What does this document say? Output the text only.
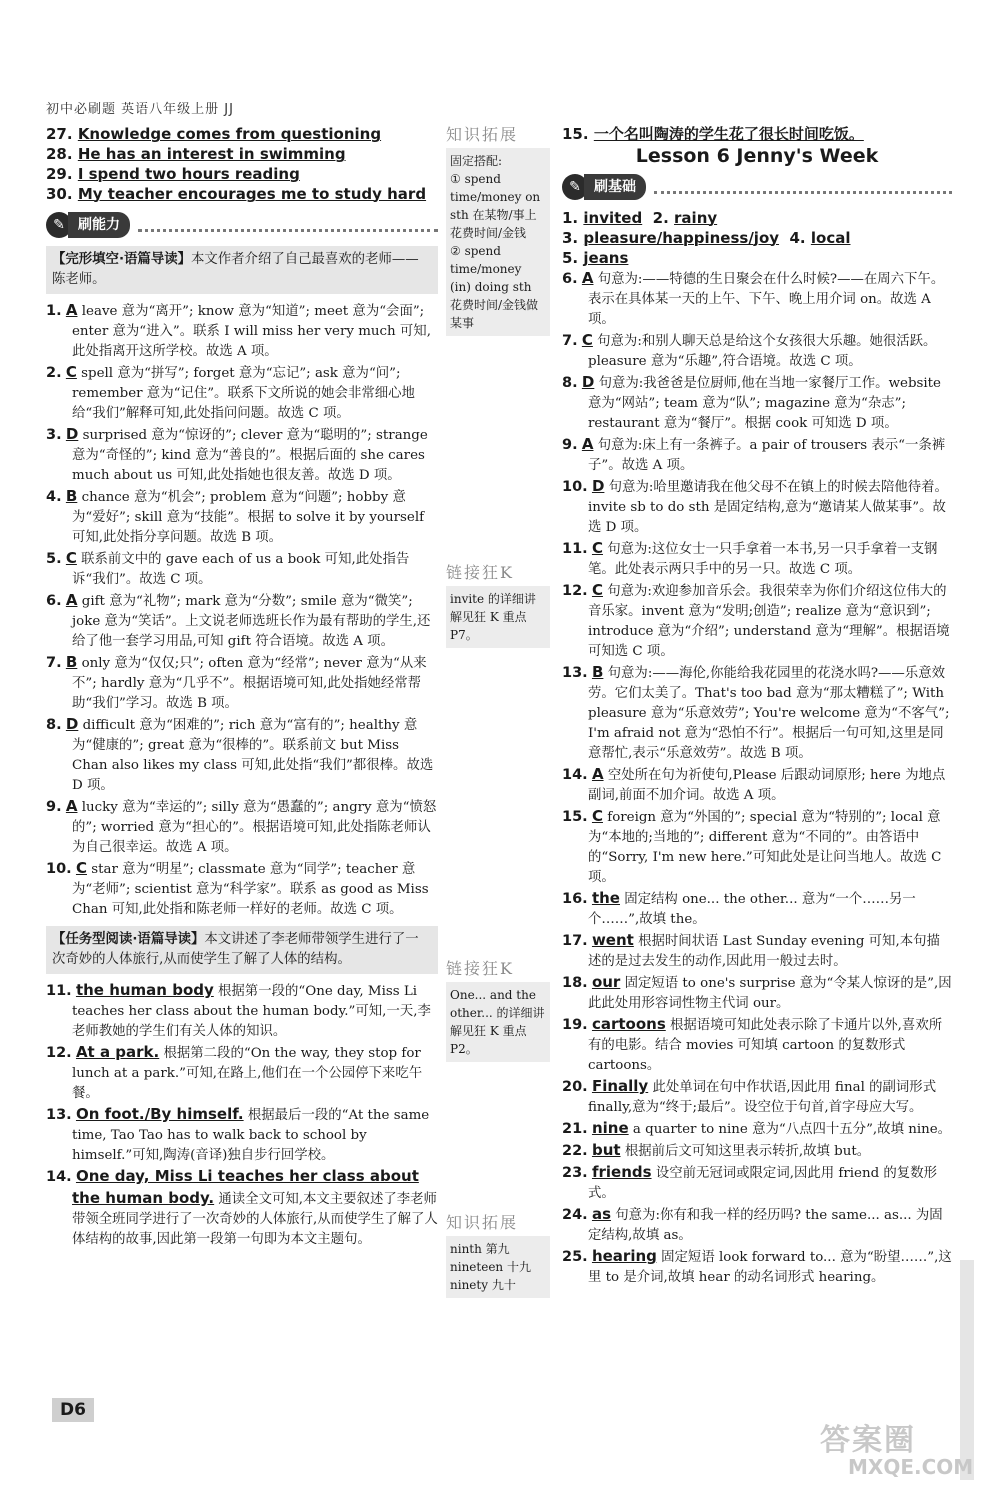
初中必刷题 英语八年级上册 JJ
27. Knowledge comes from questioning
28. He has an interest in swimming
29. I spend two hours reading
30. My teacher encourages me to study hard
✎ 刷能力
【完形填空·语篇导读】本文作者介绍了自己最喜欢的老师——陈老师。
1. A leave 意为“离开”; know 意为“知道”; meet 意为“会面”; enter 意为“进入”。联系 I will miss her very much 可知,此处指离开这所学校。故选 A 项。
2. C spell 意为“拼写”; forget 意为“忘记”; ask 意为“问”; remember 意为“记住”。联系下文所说的她会非常细心地给“我们”解释可知,此处指问问题。故选 C 项。
3. D surprised 意为“惊讶的”; clever 意为“聪明的”; strange 意为“奇怪的”; kind 意为“善良的”。根据后面的 she cares much about us 可知,此处指她也很友善。故选 D 项。
4. B chance 意为“机会”; problem 意为“问题”; hobby 意为“爱好”; skill 意为“技能”。根据 to solve it by yourself 可知,此处指分享问题。故选 B 项。
5. C 联系前文中的 gave each of us a book 可知,此处指告诉“我们”。故选 C 项。
6. A gift 意为“礼物”; mark 意为“分数”; smile 意为“微笑”; joke 意为“笑话”。上文说老师选班长作为最有帮助的学生,还给了他一套学习用品,可知 gift 符合语境。故选 A 项。
7. B only 意为“仅仅;只”; often 意为“经常”; never 意为“从来不”; hardly 意为“几乎不”。根据语境可知,此处指她经常帮助“我们”学习。故选 B 项。
8. D difficult 意为“困难的”; rich 意为“富有的”; healthy 意为“健康的”; great 意为“很棒的”。联系前文 but Miss Chan also likes my class 可知,此处指“我们”都很棒。故选 D 项。
9. A lucky 意为“幸运的”; silly 意为“愚蠢的”; angry 意为“愤怒的”; worried 意为“担心的”。根据语境可知,此处指陈老师认为自己很幸运。故选 A 项。
10. C star 意为“明星”; classmate 意为“同学”; teacher 意为“老师”; scientist 意为“科学家”。联系 as good as Miss Chan 可知,此处指和陈老师一样好的老师。故选 C 项。
【任务型阅读·语篇导读】本文讲述了李老师带领学生进行了一次奇妙的人体旅行,从而使学生了解了人体的结构。
11. the human body 根据第一段的“One day, Miss Li teaches her class about the human body.”可知,一天,李老师教她的学生们有关人体的知识。
12. At a park. 根据第二段的“On the way, they stop for lunch at a park.”可知,在路上,他们在一个公园停下来吃午餐。
13. On foot./By himself. 根据最后一段的“At the same time, Tao Tao has to walk back to school by himself.”可知,陶涛(音译)独自步行回学校。
14. One day, Miss Li teaches her class about the human body. 通读全文可知,本文主要叙述了李老师带领全班同学进行了一次奇妙的人体旅行,从而使学生了解了人体结构的故事,因此第一段第一句即为本文主题句。
知识拓展
固定搭配:
① spend time/money on sth 在某物/事上花费时间/金钱
② spend time/money (in) doing sth 花费时间/金钱做某事
链接狂K
invite 的详细讲解见狂 K 重点 P7。
链接狂K
One... and the other... 的详细讲解见狂 K 重点 P2。
知识拓展
ninth 第九
nineteen 十九
ninety 九十
15. 一个名叫陶涛的学生花了很长时间吃饭。
Lesson 6 Jenny's Week
✎ 刷基础
1. invited 2. rainy
3. pleasure/happiness/joy 4. local
5. jeans
6. A 句意为:——特德的生日聚会在什么时候?——在周六下午。表示在具体某一天的上午、下午、晚上用介词 on。故选 A 项。
7. C 句意为:和别人聊天总是给这个女孩很大乐趣。她很活跃。pleasure 意为“乐趣”,符合语境。故选 C 项。
8. D 句意为:我爸爸是位厨师,他在当地一家餐厅工作。website 意为“网站”; team 意为“队”; magazine 意为“杂志”; restaurant 意为“餐厅”。根据 cook 可知选 D 项。
9. A 句意为:床上有一条裤子。a pair of trousers 表示“一条裤子”。故选 A 项。
10. D 句意为:哈里邀请我在他父母不在镇上的时候去陪他待着。invite sb to do sth 是固定结构,意为“邀请某人做某事”。故选 D 项。
11. C 句意为:这位女士一只手拿着一本书,另一只手拿着一支钢笔。此处表示两只手中的另一只。故选 C 项。
12. C 句意为:欢迎参加音乐会。我很荣幸为你们介绍这位伟大的音乐家。invent 意为“发明;创造”; realize 意为“意识到”; introduce 意为“介绍”; understand 意为“理解”。根据语境可知选 C 项。
13. B 句意为:——海伦,你能给我花园里的花浇水吗?——乐意效劳。它们太美了。That's too bad 意为“那太糟糕了”; With pleasure 意为“乐意效劳”; You're welcome 意为“不客气”; I'm afraid not 意为“恐怕不行”。根据后一句可知,这里是同意帮忙,表示“乐意效劳”。故选 B 项。
14. A 空处所在句为祈使句,Please 后跟动词原形; here 为地点副词,前面不加介词。故选 A 项。
15. C foreign 意为“外国的”; special 意为“特别的”; local 意为“本地的;当地的”; different 意为“不同的”。由答语中的“Sorry, I'm new here.”可知此处是让问当地人。故选 C 项。
16. the 固定结构 one... the other... 意为“一个……另一个……”,故填 the。
17. went 根据时间状语 Last Sunday evening 可知,本句描述的是过去发生的动作,因此用一般过去时。
18. our 固定短语 to one's surprise 意为“令某人惊讶的是”,因此此处用形容词性物主代词 our。
19. cartoons 根据语境可知此处表示除了卡通片以外,喜欢所有的电影。结合 movies 可知填 cartoon 的复数形式 cartoons。
20. Finally 此处单词在句中作状语,因此用 final 的副词形式 finally,意为“终于;最后”。设空位于句首,首字母应大写。
21. nine a quarter to nine 意为“八点四十五分”,故填 nine。
22. but 根据前后文可知这里表示转折,故填 but。
23. friends 设空前无冠词或限定词,因此用 friend 的复数形式。
24. as 句意为:你有和我一样的经历吗? the same... as... 为固定结构,故填 as。
25. hearing 固定短语 look forward to... 意为“盼望……”,这里 to 是介词,故填 hear 的动名词形式 hearing。
D6
答案圈
MXQE.COM
